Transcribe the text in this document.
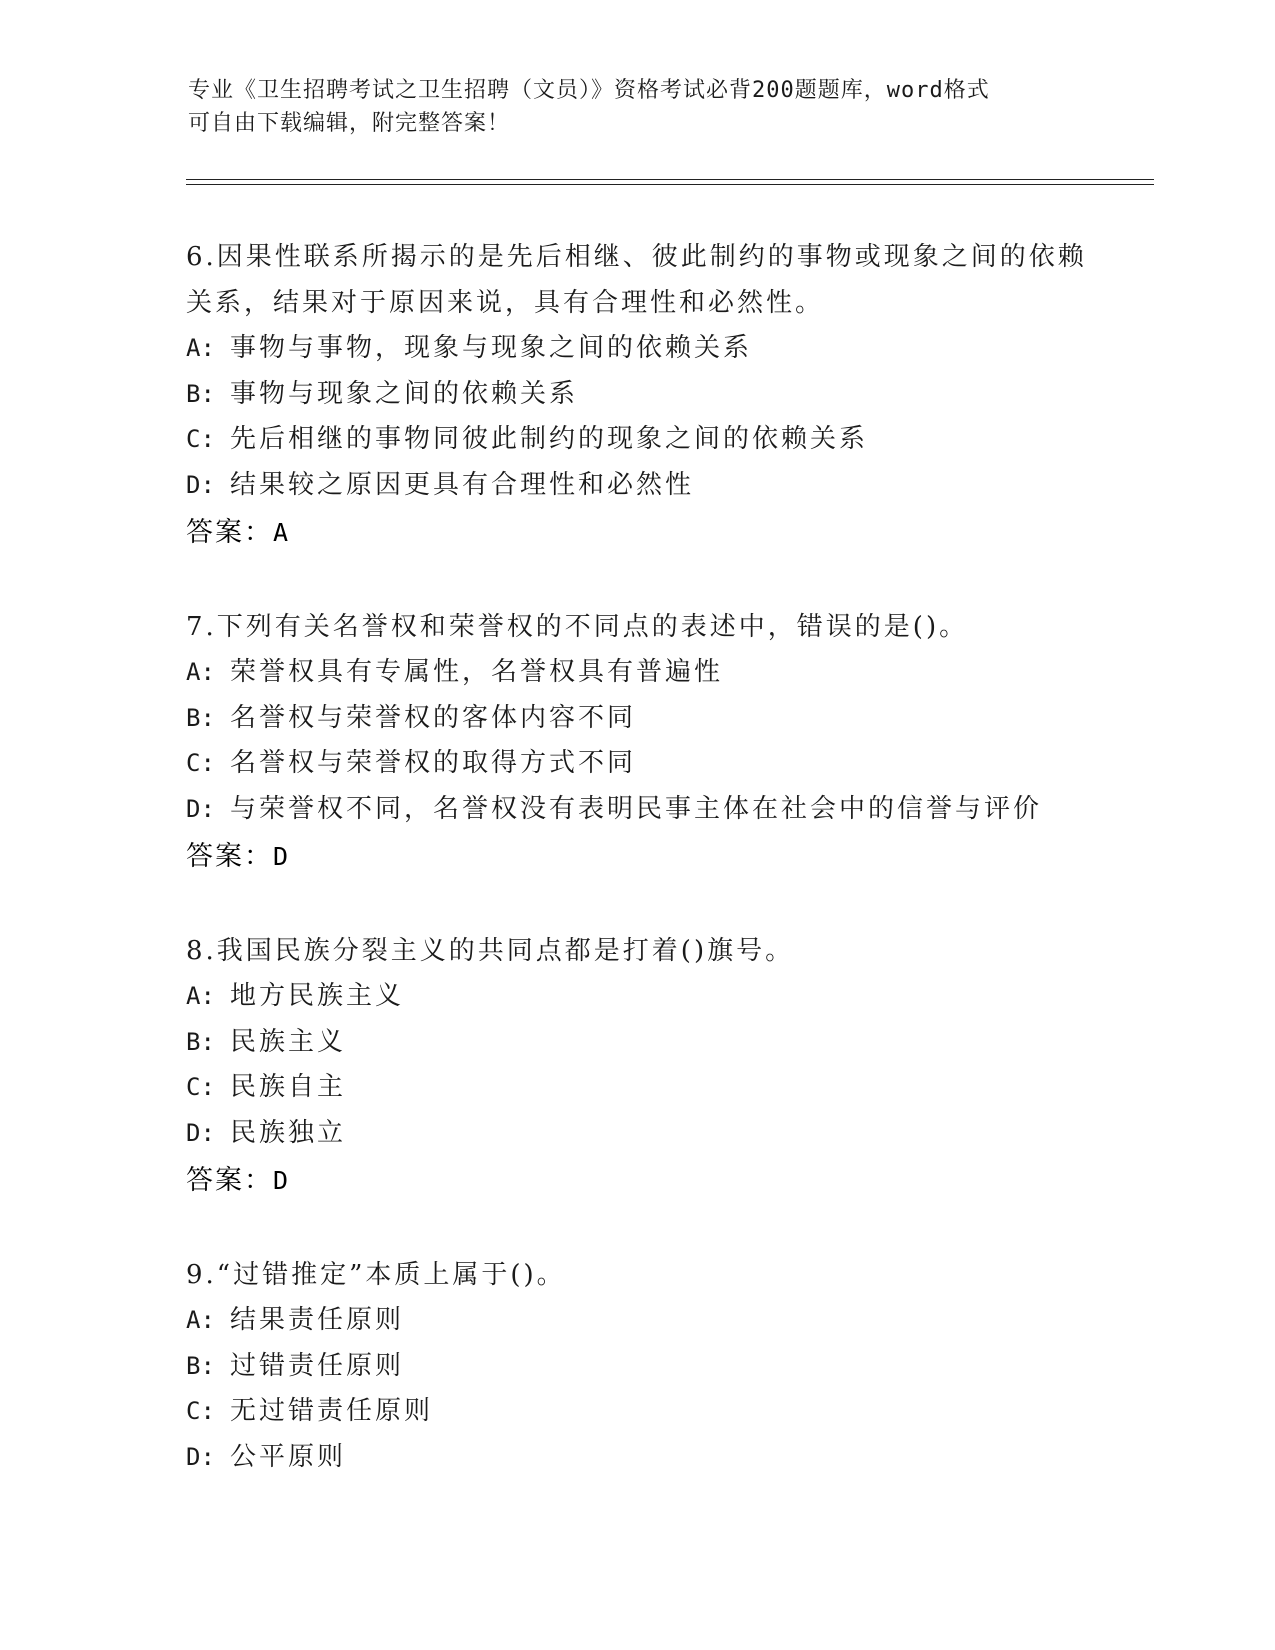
专业《卫生招聘考试之卫生招聘（文员）》资格考试必背200题题库，word格式
可自由下载编辑，附完整答案！
6.因果性联系所揭示的是先后相继、彼此制约的事物或现象之间的依赖关系，结果对于原因来说，具有合理性和必然性。
A: 事物与事物，现象与现象之间的依赖关系
B: 事物与现象之间的依赖关系
C: 先后相继的事物同彼此制约的现象之间的依赖关系
D: 结果较之原因更具有合理性和必然性
答案：A
7.下列有关名誉权和荣誉权的不同点的表述中，错误的是()。
A: 荣誉权具有专属性，名誉权具有普遍性
B: 名誉权与荣誉权的客体内容不同
C: 名誉权与荣誉权的取得方式不同
D: 与荣誉权不同，名誉权没有表明民事主体在社会中的信誉与评价
答案：D
8.我国民族分裂主义的共同点都是打着()旗号。
A: 地方民族主义
B: 民族主义
C: 民族自主
D: 民族独立
答案：D
9.“过错推定”本质上属于()。
A: 结果责任原则
B: 过错责任原则
C: 无过错责任原则
D: 公平原则
